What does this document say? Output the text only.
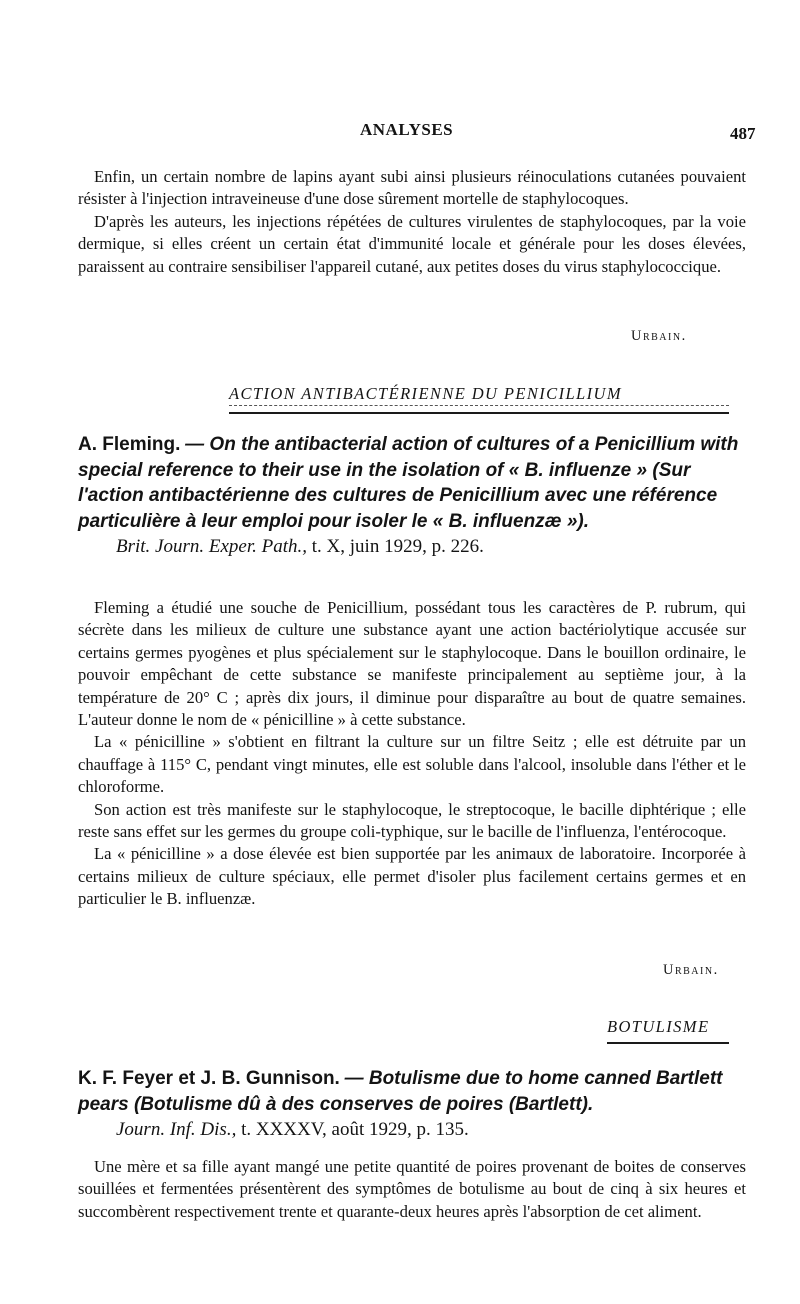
ANALYSES	487

Enfin, un certain nombre de lapins ayant subi ainsi plusieurs réinoculations cutanées pouvaient résister à l'injection intraveineuse d'une dose sûrement mortelle de staphylocoques.

D'après les auteurs, les injections répétées de cultures virulentes de staphylocoques, par la voie dermique, si elles créent un certain état d'immunité locale et générale pour les doses élevées, paraissent au contraire sensibiliser l'appareil cutané, aux petites doses du virus staphylococcique.

Urbain.
ACTION ANTIBACTÉRIENNE DU PENICILLIUM
A. Fleming. — On the antibacterial action of cultures of a Penicillium with special reference to their use in the isolation of « B. influenze » (Sur l'action antibactérienne des cultures de Penicillium avec une référence particulière à leur emploi pour isoler le « B. influenzæ »).
Brit. Journ. Exper. Path., t. X, juin 1929, p. 226.

Fleming a étudié une souche de Penicillium, possédant tous les caractères de P. rubrum, qui sécrète dans les milieux de culture une substance ayant une action bactériolytique accusée sur certains germes pyogènes et plus spécialement sur le staphylocoque. Dans le bouillon ordinaire, le pouvoir empêchant de cette substance se manifeste principalement au septième jour, à la température de 20° C ; après dix jours, il diminue pour disparaître au bout de quatre semaines. L'auteur donne le nom de « pénicilline » à cette substance.

La « pénicilline » s'obtient en filtrant la culture sur un filtre Seitz ; elle est détruite par un chauffage à 115° C, pendant vingt minutes, elle est soluble dans l'alcool, insoluble dans l'éther et le chloroforme.

Son action est très manifeste sur le staphylocoque, le streptocoque, le bacille diphtérique ; elle reste sans effet sur les germes du groupe coli-typhique, sur le bacille de l'influenza, l'entérocoque.

La « pénicilline » a dose élevée est bien supportée par les animaux de laboratoire. Incorporée à certains milieux de culture spéciaux, elle permet d'isoler plus facilement certains germes et en particulier le B. influenzæ.

Urbain.
BOTULISME
K. F. Feyer et J. B. Gunnison. — Botulisme due to home canned Bartlett pears (Botulisme dû à des conserves de poires (Bartlett).
Journ. Inf. Dis., t. XXXXV, août 1929, p. 135.

Une mère et sa fille ayant mangé une petite quantité de poires provenant de boites de conserves souillées et fermentées présentèrent des symptômes de botulisme au bout de cinq à six heures et succombèrent respectivement trente et quarante-deux heures après l'absorption de cet aliment.
